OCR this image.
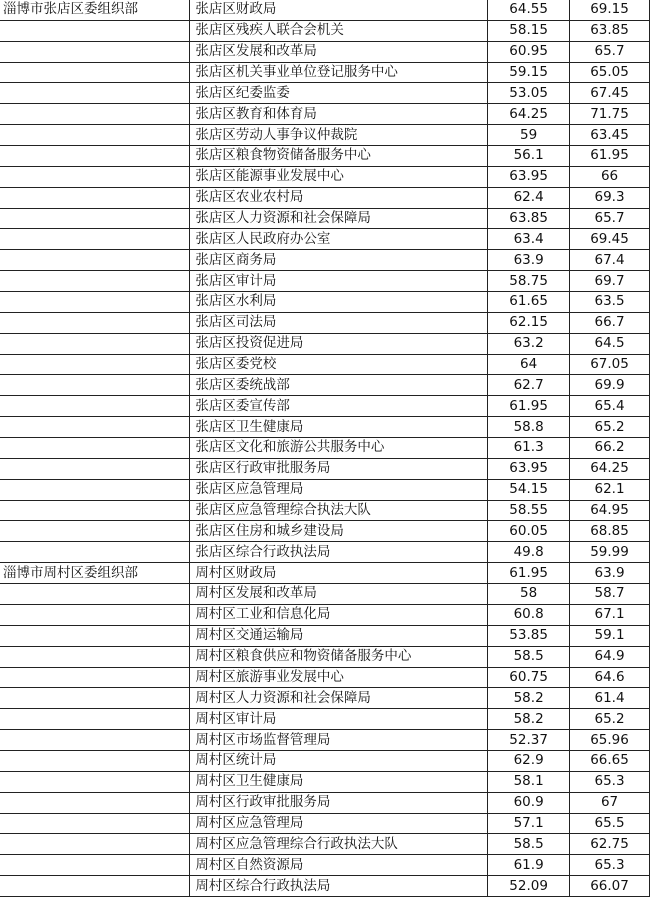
淄博市张店区委组织部	张店区财政局	64.55	69.15
	张店区残疾人联合会机关	58.15	63.85
	张店区发展和改革局	60.95	65.7
	张店区机关事业单位登记服务中心	59.15	65.05
	张店区纪委监委	53.05	67.45
	张店区教育和体育局	64.25	71.75
	张店区劳动人事争议仲裁院	59	63.45
	张店区粮食物资储备服务中心	56.1	61.95
	张店区能源事业发展中心	63.95	66
	张店区农业农村局	62.4	69.3
	张店区人力资源和社会保障局	63.85	65.7
	张店区人民政府办公室	63.4	69.45
	张店区商务局	63.9	67.4
	张店区审计局	58.75	69.7
	张店区水利局	61.65	63.5
	张店区司法局	62.15	66.7
	张店区投资促进局	63.2	64.5
	张店区委党校	64	67.05
	张店区委统战部	62.7	69.9
	张店区委宣传部	61.95	65.4
	张店区卫生健康局	58.8	65.2
	张店区文化和旅游公共服务中心	61.3	66.2
	张店区行政审批服务局	63.95	64.25
	张店区应急管理局	54.15	62.1
	张店区应急管理综合执法大队	58.55	64.95
	张店区住房和城乡建设局	60.05	68.85
	张店区综合行政执法局	49.8	59.99
淄博市周村区委组织部	周村区财政局	61.95	63.9
	周村区发展和改革局	58	58.7
	周村区工业和信息化局	60.8	67.1
	周村区交通运输局	53.85	59.1
	周村区粮食供应和物资储备服务中心	58.5	64.9
	周村区旅游事业发展中心	60.75	64.6
	周村区人力资源和社会保障局	58.2	61.4
	周村区审计局	58.2	65.2
	周村区市场监督管理局	52.37	65.96
	周村区统计局	62.9	66.65
	周村区卫生健康局	58.1	65.3
	周村区行政审批服务局	60.9	67
	周村区应急管理局	57.1	65.5
	周村区应急管理综合行政执法大队	58.5	62.75
	周村区自然资源局	61.9	65.3
	周村区综合行政执法局	52.09	66.07
